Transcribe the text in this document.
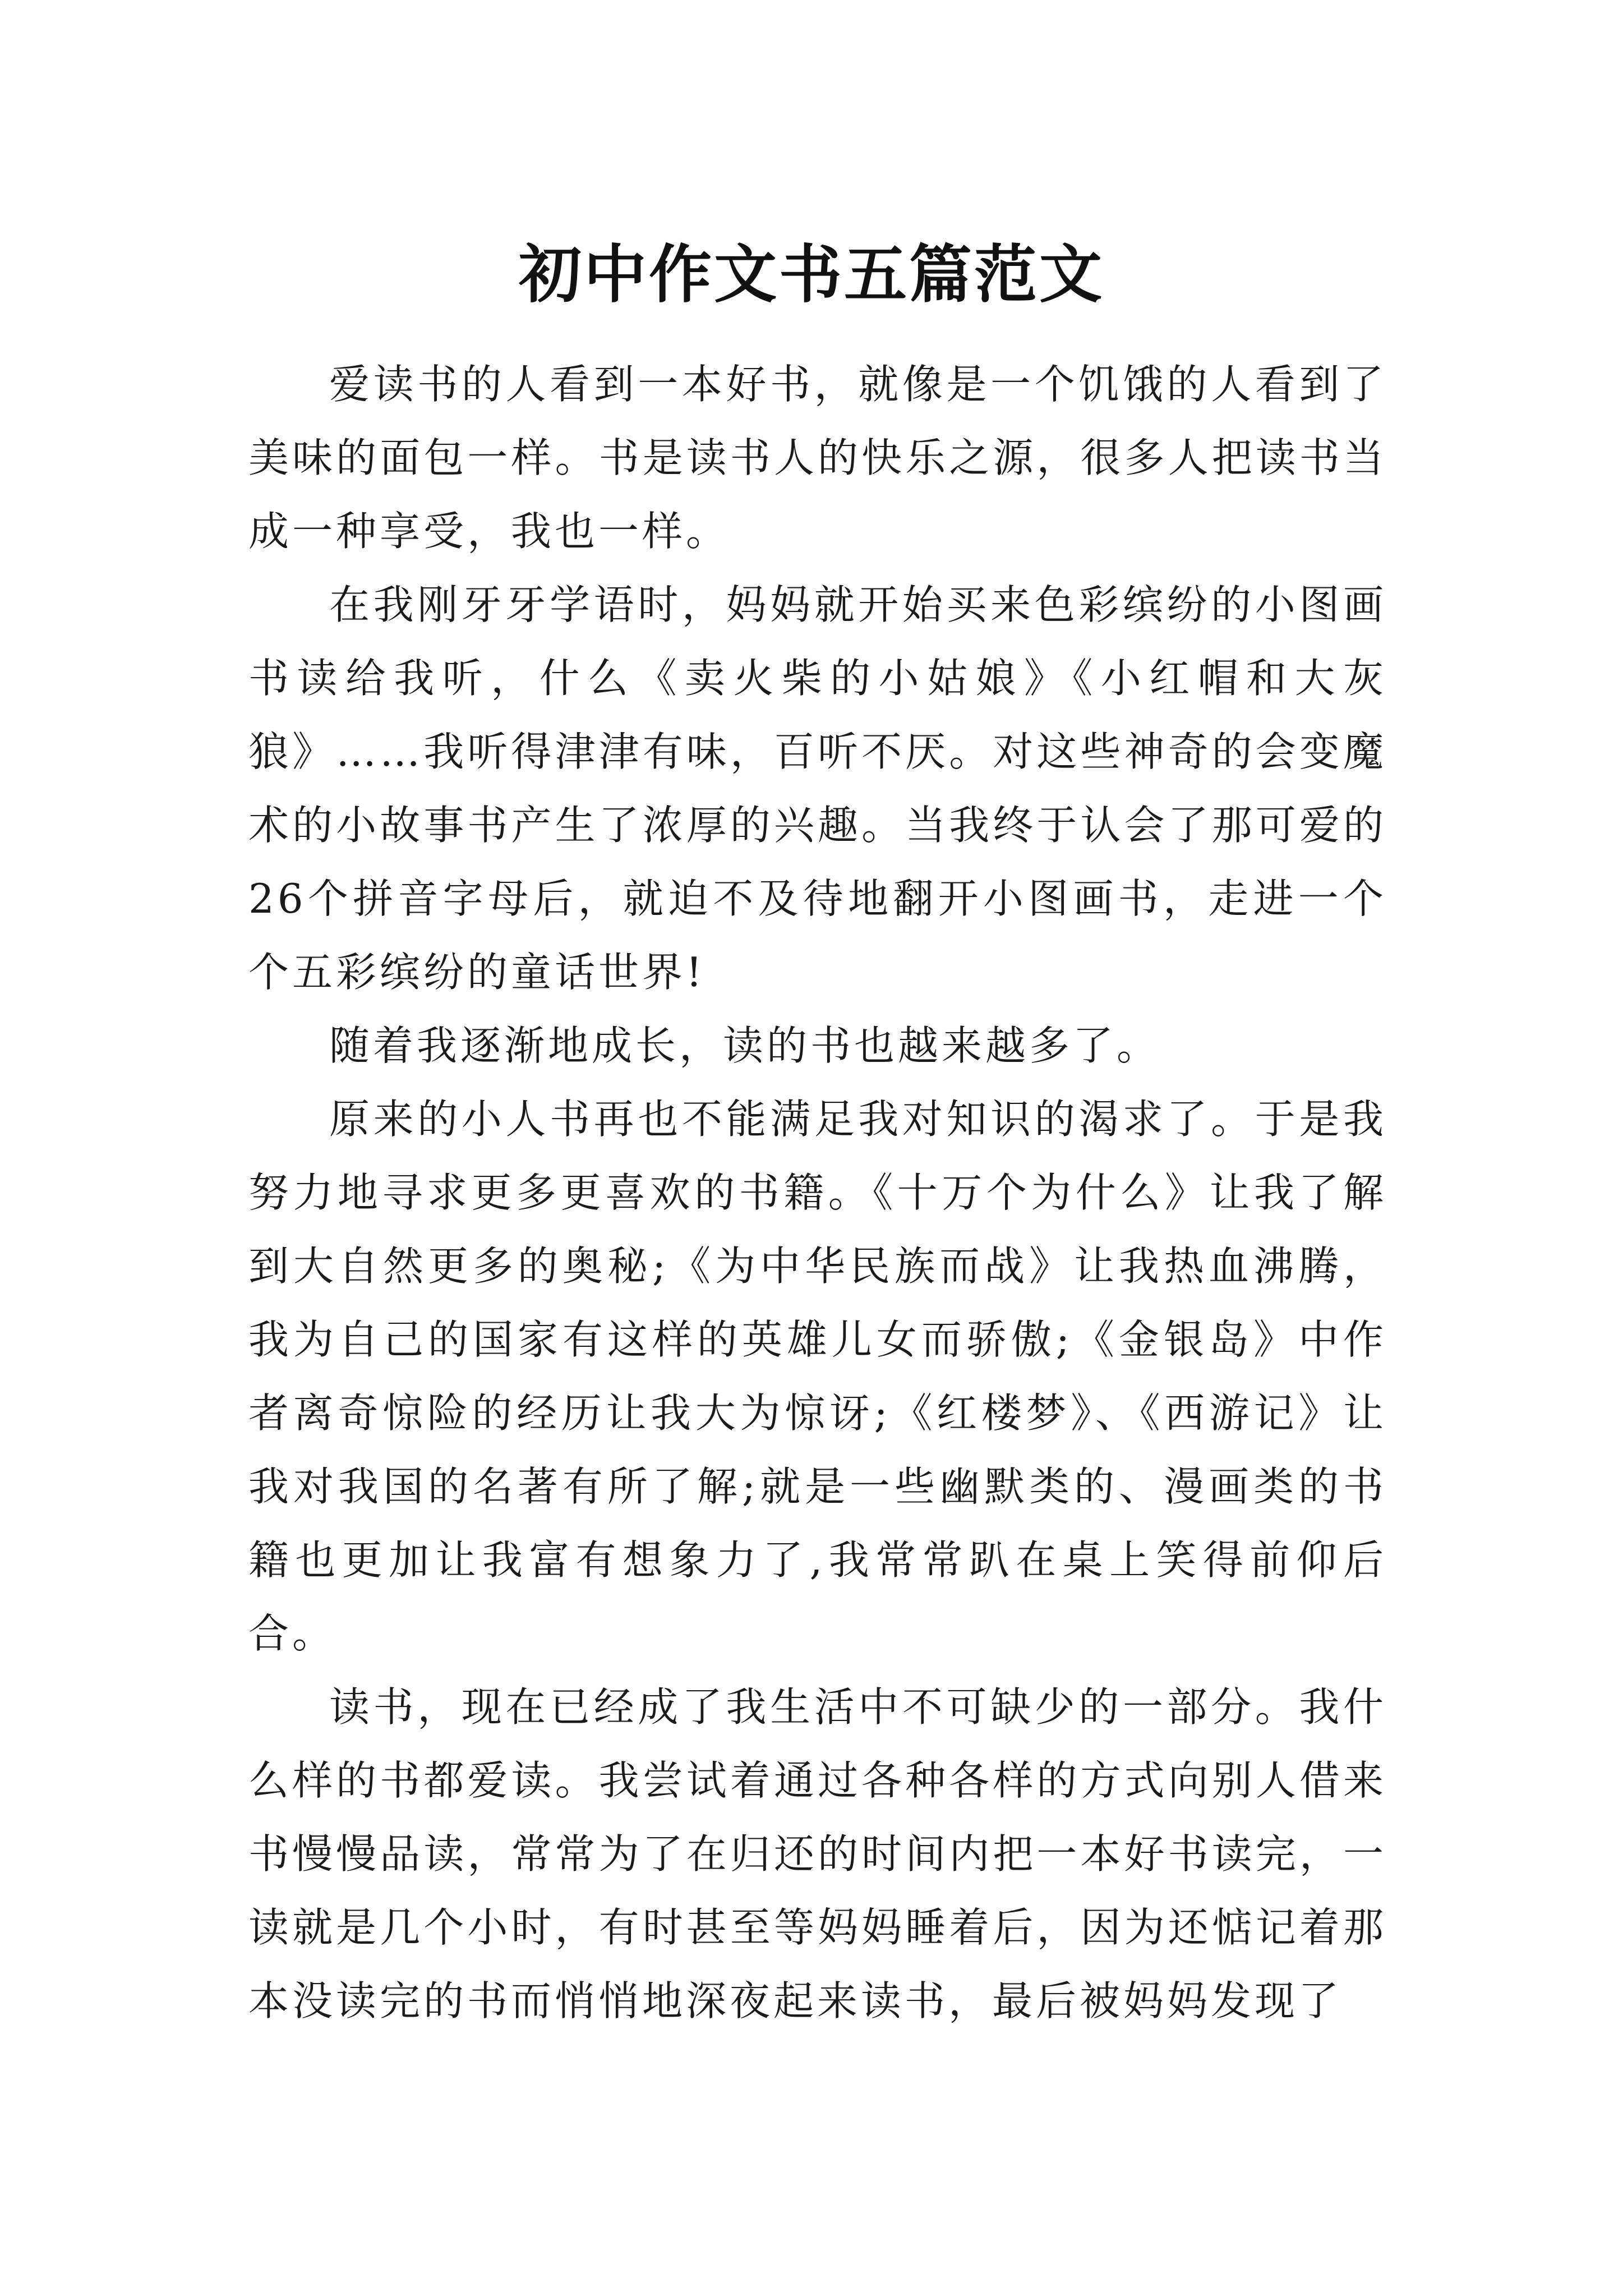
初中作文书五篇范文

爱读书的人看到一本好书，就像是一个饥饿的人看到了美味的面包一样。书是读书人的快乐之源，很多人把读书当成一种享受，我也一样。

在我刚牙牙学语时，妈妈就开始买来色彩缤纷的小图画书读给我听，什么《卖火柴的小姑娘》《小红帽和大灰狼》……我听得津津有味，百听不厌。对这些神奇的会变魔术的小故事书产生了浓厚的兴趣。当我终于认会了那可爱的26个拼音字母后，就迫不及待地翻开小图画书，走进一个个五彩缤纷的童话世界!

随着我逐渐地成长，读的书也越来越多了。

原来的小人书再也不能满足我对知识的渴求了。于是我努力地寻求更多更喜欢的书籍。《十万个为什么》让我了解到大自然更多的奥秘;《为中华民族而战》让我热血沸腾，我为自己的国家有这样的英雄儿女而骄傲;《金银岛》中作者离奇惊险的经历让我大为惊讶;《红楼梦》、《西游记》让我对我国的名著有所了解;就是一些幽默类的、漫画类的书籍也更加让我富有想象力了,我常常趴在桌上笑得前仰后合。

读书，现在已经成了我生活中不可缺少的一部分。我什么样的书都爱读。我尝试着通过各种各样的方式向别人借来书慢慢品读，常常为了在归还的时间内把一本好书读完，一读就是几个小时，有时甚至等妈妈睡着后，因为还惦记着那本没读完的书而悄悄地深夜起来读书，最后被妈妈发现了
